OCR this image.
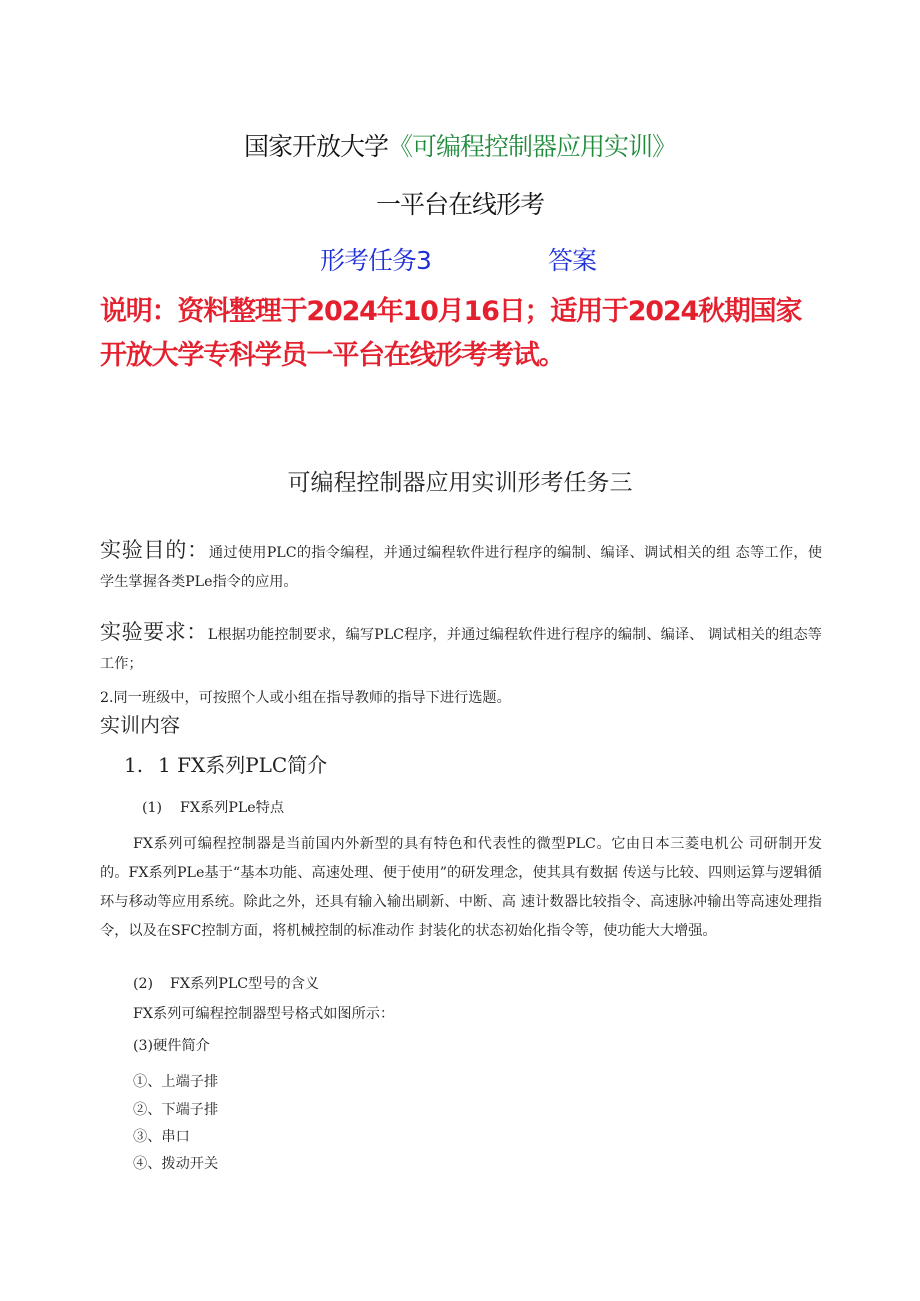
国家开放大学《可编程控制器应用实训》
一平台在线形考
形考任务3	答案
说明：资料整理于2024年10月16日；适用于2024秋期国家 开放大学专科学员一平台在线形考考试。
可编程控制器应用实训形考任务三
实验目的：通过使用PLC的指令编程，并通过编程软件进行程序的编制、编译、调试相关的组 态等工作，使学生掌握各类PLe指令的应用。
实验要求：L根据功能控制要求，编写PLC程序，并通过编程软件进行程序的编制、编译、 调试相关的组态等工作；
2.同一班级中，可按照个人或小组在指导教师的指导下进行选题。
实训内容
1. 1 FX系列PLC简介
(1) FX系列PLe特点
FX系列可编程控制器是当前国内外新型的具有特色和代表性的微型PLC。它由日本三菱电机公 司研制开发的。FX系列PLe基于“基本功能、高速处理、便于使用”的研发理念，使其具有数据 传送与比较、四则运算与逻辑循环与移动等应用系统。除此之外，还具有输入输出刷新、中断、高 速计数器比较指令、高速脉冲输出等高速处理指令，以及在SFC控制方面，将机械控制的标准动作 封装化的状态初始化指令等，使功能大大增强。
(2) FX系列PLC型号的含义
FX系列可编程控制器型号格式如图所示：
(3)硬件简介
①、上端子排
②、下端子排
③、串口
④、拨动开关
